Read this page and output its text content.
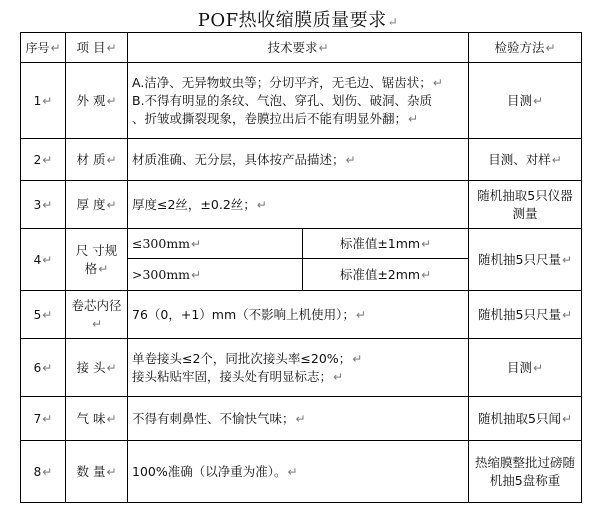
POF热收缩膜质量要求↵
序号↵	项 目↵	技术要求↵		检验方法↵
1↵	外 观↵	A.洁净、无异物蚊虫等；分切平齐，无毛边、锯齿状；↵
B.不得有明显的条纹、气泡、穿孔、划伤、破洞、杂质
、折皱或撕裂现象，卷膜拉出后不能有明显外翻；↵		目测↵
2↵	材 质↵	材质准确、无分层，具体按产品描述；↵		目测、对样↵
3↵	厚 度↵	厚度≤2丝，±0.2丝；↵		随机抽取5只仪器测量
4↵	尺 寸规 格↵	≤300mm↵	标准值±1mm↵	随机抽5只尺量↵
		>300mm↵	标准值±2mm↵	
5↵	卷芯内径↵	76（0，+1）mm（不影响上机使用）；↵		随机抽5只尺量↵
6↵	接 头↵	单卷接头≤2个，同批次接头率≤20%；↵
接头粘贴牢固，接头处有明显标志；↵		目测↵
7↵	气 味↵	不得有刺鼻性、不愉快气味；↵		随机抽取5只闻↵
8↵	数 量↵	100%准确（以净重为准）。↵		热缩膜整批过磅随机抽5盘称重
